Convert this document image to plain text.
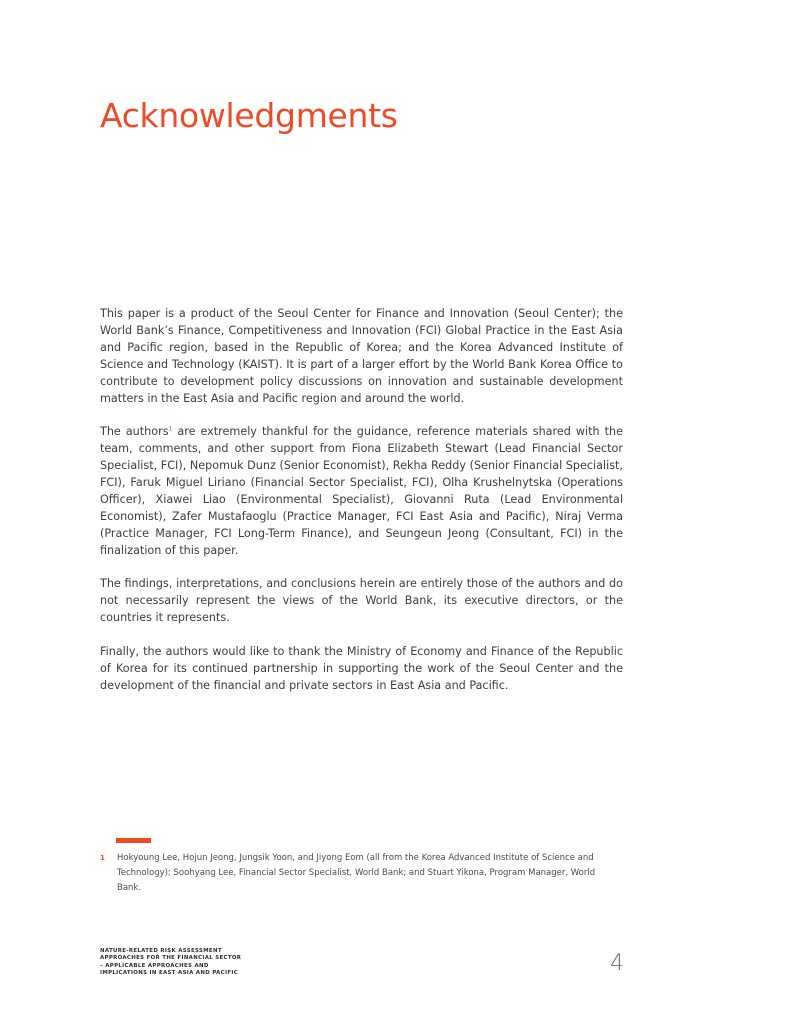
Acknowledgments

This paper is a product of the Seoul Center for Finance and Innovation (Seoul Center); the World Bank’s Finance, Competitiveness and Innovation (FCI) Global Practice in the East Asia and Pacific region, based in the Republic of Korea; and the Korea Advanced Institute of Science and Technology (KAIST). It is part of a larger effort by the World Bank Korea Office to contribute to development policy discussions on innovation and sustainable development matters in the East Asia and Pacific region and around the world.

The authors$^1$ are extremely thankful for the guidance, reference materials shared with the team, comments, and other support from Fiona Elizabeth Stewart (Lead Financial Sector Specialist, FCI), Nepomuk Dunz (Senior Economist), Rekha Reddy (Senior Financial Specialist, FCI), Faruk Miguel Liriano (Financial Sector Specialist, FCI), Olha Krushelnytska (Operations Officer), Xiawei Liao (Environmental Specialist), Giovanni Ruta (Lead Environmental Economist), Zafer Mustafaoglu (Practice Manager, FCI East Asia and Pacific), Niraj Verma (Practice Manager, FCI Long-Term Finance), and Seungeun Jeong (Consultant, FCI) in the finalization of this paper.

The findings, interpretations, and conclusions herein are entirely those of the authors and do not necessarily represent the views of the World Bank, its executive directors, or the countries it represents.

Finally, the authors would like to thank the Ministry of Economy and Finance of the Republic of Korea for its continued partnership in supporting the work of the Seoul Center and the development of the financial and private sectors in East Asia and Pacific.

1 Hokyoung Lee, Hojun Jeong, Jungsik Yoon, and Jiyong Eom (all from the Korea Advanced Institute of Science and Technology); Soohyang Lee, Financial Sector Specialist, World Bank; and Stuart Yikona, Program Manager, World Bank.
NATURE-RELATED RISK ASSESSMENT
APPROACHES FOR THE FINANCIAL SECTOR
– APPLICABLE APPROACHES AND
IMPLICATIONS IN EAST ASIA AND PACIFIC	4
